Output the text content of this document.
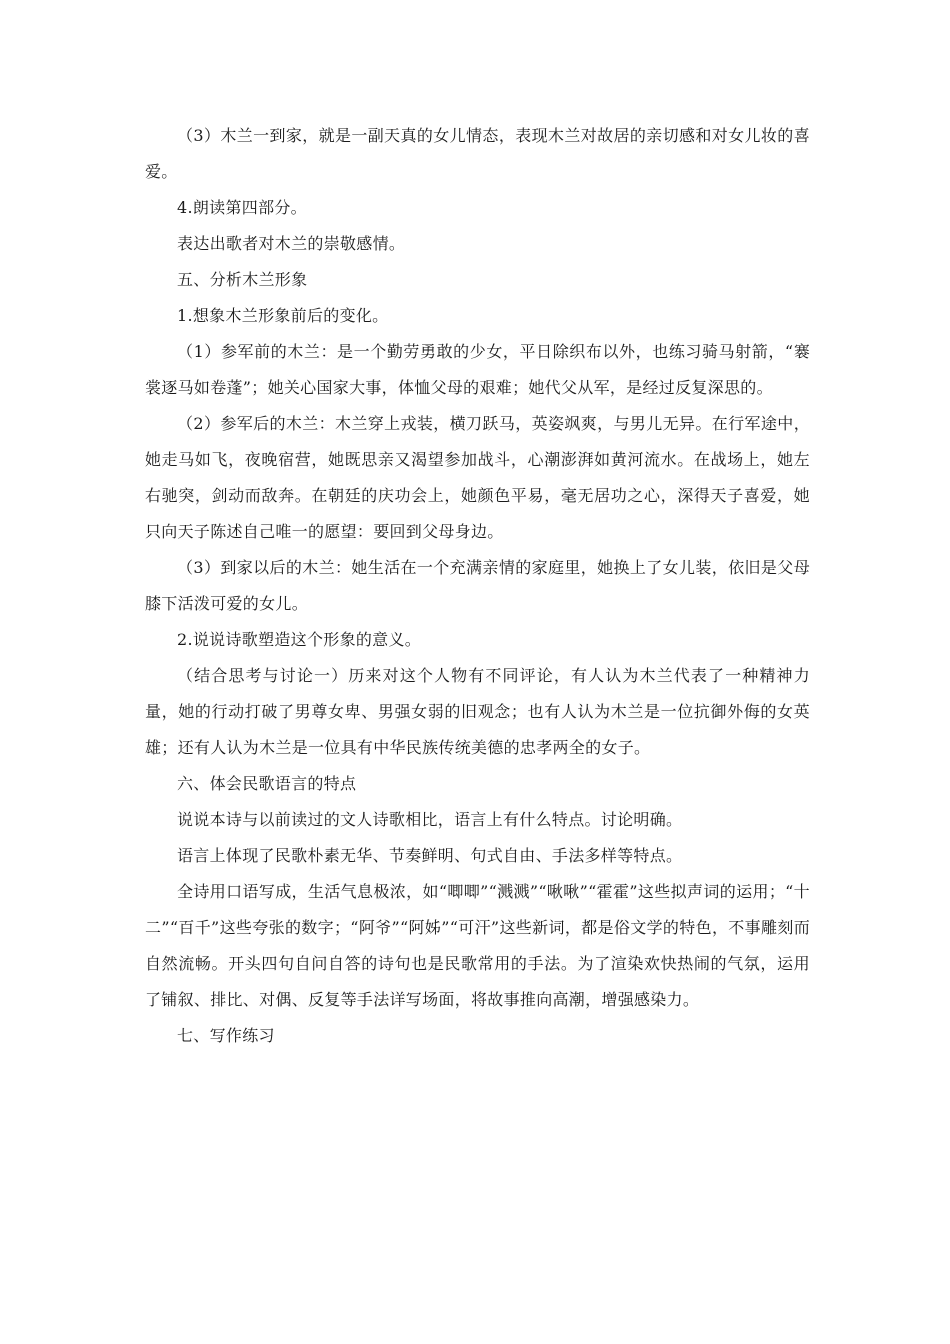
（3）木兰一到家，就是一副天真的女儿情态，表现木兰对故居的亲切感和对女儿妆的喜爱。

4.朗读第四部分。

表达出歌者对木兰的崇敬感情。

五、分析木兰形象

1.想象木兰形象前后的变化。

（1）参军前的木兰：是一个勤劳勇敢的少女，平日除织布以外，也练习骑马射箭，“褰裳逐马如卷蓬”；她关心国家大事，体恤父母的艰难；她代父从军，是经过反复深思的。

（2）参军后的木兰：木兰穿上戎装，横刀跃马，英姿飒爽，与男儿无异。在行军途中，她走马如飞，夜晚宿营，她既思亲又渴望参加战斗，心潮澎湃如黄河流水。在战场上，她左右驰突，剑动而敌奔。在朝廷的庆功会上，她颜色平易，毫无居功之心，深得天子喜爱，她只向天子陈述自己唯一的愿望：要回到父母身边。

（3）到家以后的木兰：她生活在一个充满亲情的家庭里，她换上了女儿装，依旧是父母膝下活泼可爱的女儿。

2.说说诗歌塑造这个形象的意义。

（结合思考与讨论一）历来对这个人物有不同评论，有人认为木兰代表了一种精神力量，她的行动打破了男尊女卑、男强女弱的旧观念；也有人认为木兰是一位抗御外侮的女英雄；还有人认为木兰是一位具有中华民族传统美德的忠孝两全的女子。

六、体会民歌语言的特点

说说本诗与以前读过的文人诗歌相比，语言上有什么特点。讨论明确。

语言上体现了民歌朴素无华、节奏鲜明、句式自由、手法多样等特点。

全诗用口语写成，生活气息极浓，如“唧唧”“溅溅”“啾啾”“霍霍”这些拟声词的运用；“十二”“百千”这些夸张的数字；“阿爷”“阿姊”“可汗”这些新词，都是俗文学的特色，不事雕刻而自然流畅。开头四句自问自答的诗句也是民歌常用的手法。为了渲染欢快热闹的气氛，运用了铺叙、排比、对偶、反复等手法详写场面，将故事推向高潮，增强感染力。

七、写作练习
